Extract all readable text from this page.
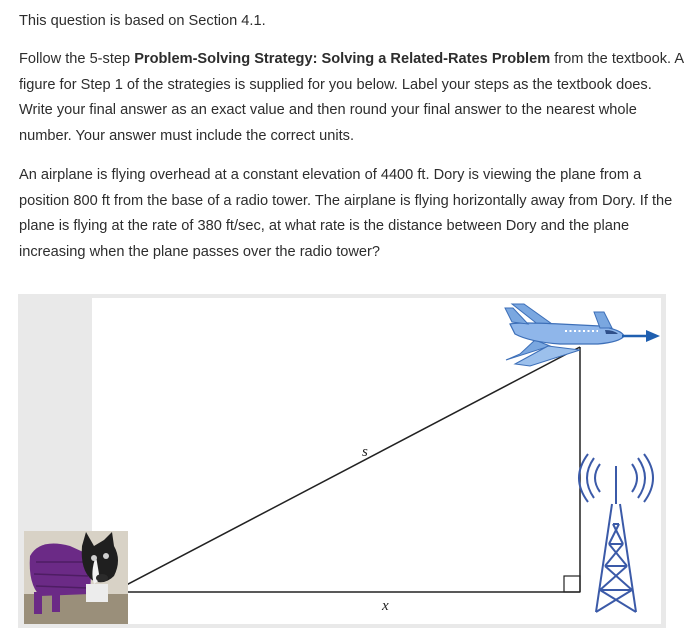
This question is based on Section 4.1.

Follow the 5-step Problem-Solving Strategy: Solving a Related-Rates Problem from the textbook. A figure for Step 1 of the strategies is supplied for you below. Label your steps as the textbook does. Write your final answer as an exact value and then round your final answer to the nearest whole number. Your answer must include the correct units.

An airplane is flying overhead at a constant elevation of 4400 ft. Dory is viewing the plane from a position 800 ft from the base of a radio tower. The airplane is flying horizontally away from Dory. If the plane is flying at the rate of 380 ft/sec, at what rate is the distance between Dory and the plane increasing when the plane passes over the radio tower?

s
x
